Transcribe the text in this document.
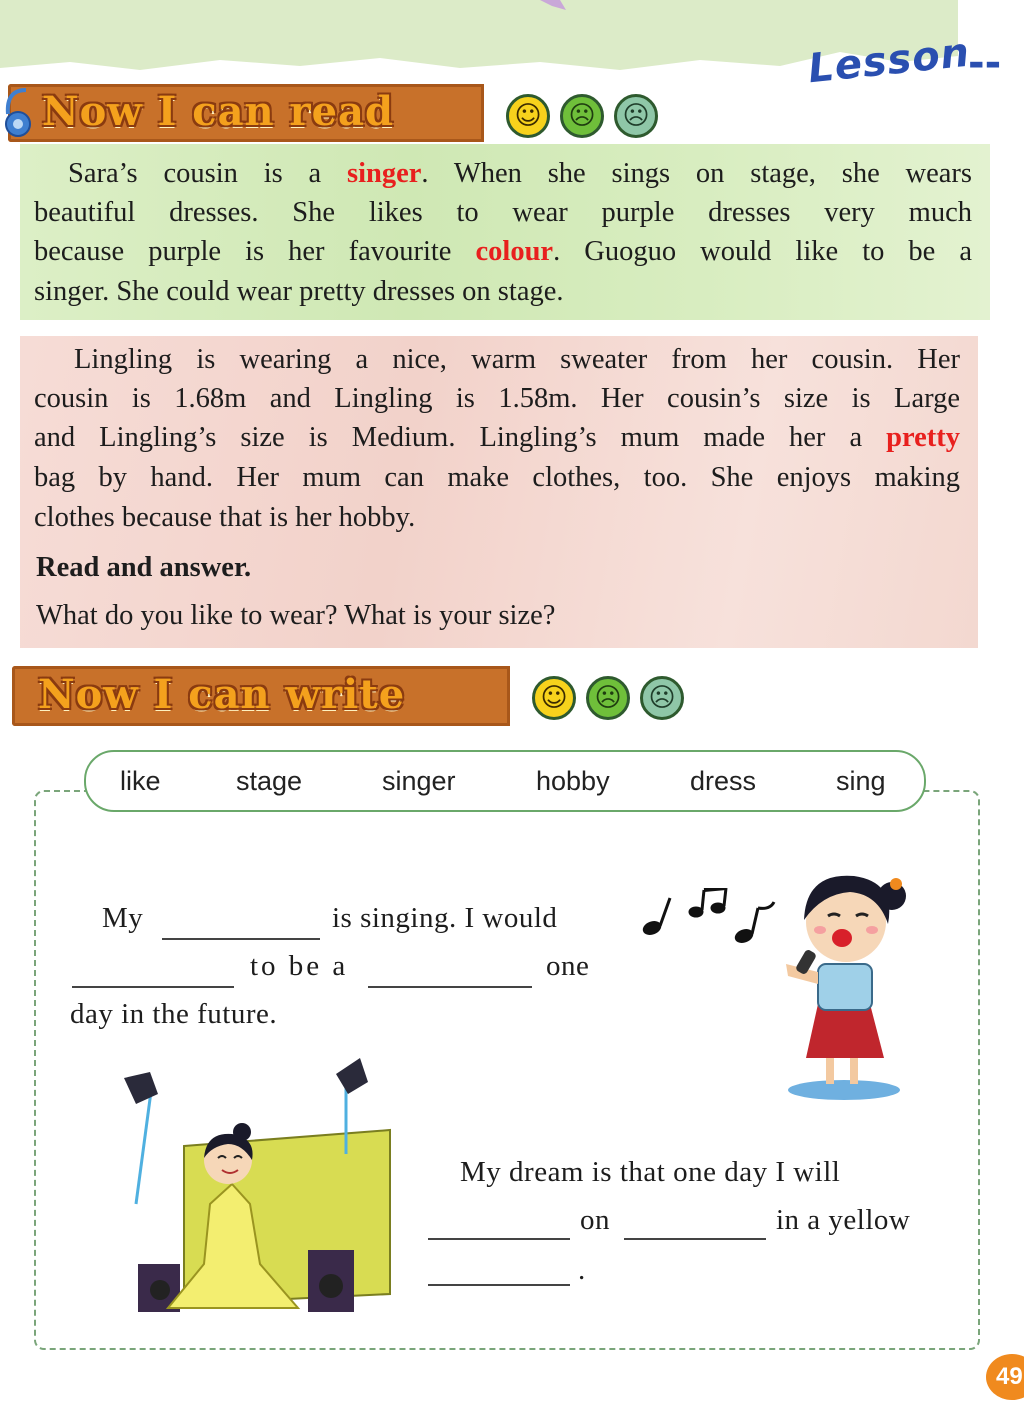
Lesson
--
Now I can read	☺	☹	☹
Sara’s cousin is a singer. When she sings on stage, she wears
beautiful dresses. She likes to wear purple dresses very much
because purple is her favourite colour. Guoguo would like to be a
singer. She could wear pretty dresses on stage.
Lingling is wearing a nice, warm sweater from her cousin. Her
cousin is 1.68m and Lingling is 1.58m. Her cousin’s size is Large
and Lingling’s size is Medium. Lingling’s mum made her a pretty
bag by hand. Her mum can make clothes, too. She enjoys making
clothes because that is her hobby.
Read and answer.
What do you like to wear? What is your size?
Now I can write	☺	☹	☹
like	stage	singer	hobby	dress	sing
My	is singing. I would
to be a	one
day in the future.
My dream is that one day I will
on	in a yellow
.
49
